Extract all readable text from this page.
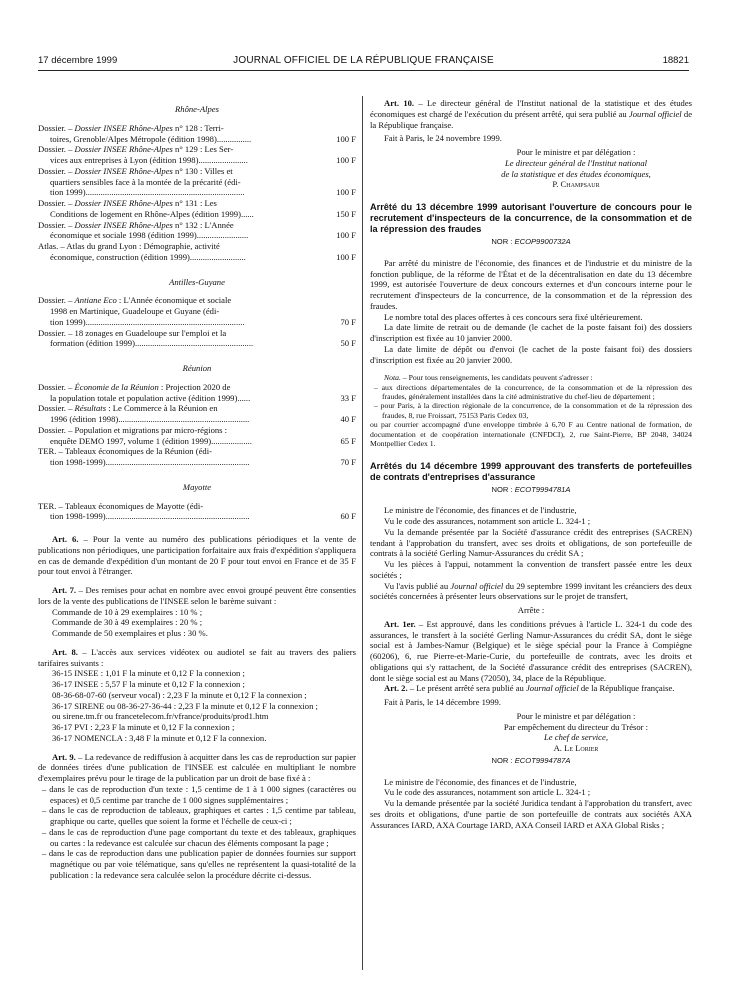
17 décembre 1999	JOURNAL OFFICIEL DE LA RÉPUBLIQUE FRANÇAISE	18821
Rhône-Alpes
Dossier. – Dossier INSEE Rhône-Alpes n° 128 : Terri-
toires, Grenoble/Alpes Métropole (édition 1998)................	100 F
Dossier. – Dossier INSEE Rhône-Alpes n° 129 : Les Ser-
vices aux entreprises à Lyon (édition 1998).......................	100 F
Dossier. – Dossier INSEE Rhône-Alpes n° 130 : Villes et
quartiers sensibles face à la montée de la précarité (édi-
tion 1999)..........................................................................	100 F
Dossier. – Dossier INSEE Rhône-Alpes n° 131 : Les
Conditions de logement en Rhône-Alpes (édition 1999)......	150 F
Dossier. – Dossier INSEE Rhône-Alpes n° 132 : L'Année
économique et sociale 1998 (édition 1999)........................	100 F
Atlas. – Atlas du grand Lyon : Démographie, activité
économique, construction (édition 1999)..........................	100 F
Antilles-Guyane
Dossier. – Antiane Eco : L'Année économique et sociale
1998 en Martinique, Guadeloupe et Guyane (édi-
tion 1999)..........................................................................	70 F
Dossier. – 18 zonages en Guadeloupe sur l'emploi et la
formation (édition 1999).......................................................	50 F
Réunion
Dossier. – Économie de la Réunion : Projection 2020 de
la population totale et population active (édition 1999)......	33 F
Dossier. – Résultats : Le Commerce à la Réunion en
1996 (édition 1998).............................................................	40 F
Dossier. – Population et migrations par micro-régions :
enquête DEMO 1997, volume 1 (édition 1999)...................	65 F
TER. – Tableaux économiques de la Réunion (édi-
tion 1998-1999)...................................................................	70 F
Mayotte
TER. – Tableaux économiques de Mayotte (édi-
tion 1998-1999)...................................................................	60 F

Art. 6. – Pour la vente au numéro des publications périodiques et la vente de publications non périodiques, une participation forfaitaire aux frais d'expédition s'appliquera en cas de demande d'expédition d'un montant de 20 F pour tout envoi en France et de 35 F pour tout envoi à l'étranger.

Art. 7. – Des remises pour achat en nombre avec envoi groupé peuvent être consenties lors de la vente des publications de l'INSEE selon le barème suivant :

Commande de 10 à 29 exemplaires : 10 % ;
Commande de 30 à 49 exemplaires : 20 % ;
Commande de 50 exemplaires et plus : 30 %.

Art. 8. – L'accès aux services vidéotex ou audiotel se fait au travers des paliers tarifaires suivants :

36-15 INSEE : 1,01 F la minute et 0,12 F la connexion ;
36-17 INSEE : 5,57 F la minute et 0,12 F la connexion ;
08-36-68-07-60 (serveur vocal) : 2,23 F la minute et 0,12 F la connexion ;
36-17 SIRENE ou 08-36-27-36-44 : 2,23 F la minute et 0,12 F la connexion ;
ou sirene.tm.fr ou francetelecom.fr/vfrance/produits/prod1.htm
36-17 PVI : 2,23 F la minute et 0,12 F la connexion ;
36-17 NOMENCLA : 3,48 F la minute et 0,12 F la connexion.

Art. 9. – La redevance de rediffusion à acquitter dans les cas de reproduction sur papier de données tirées d'une publication de l'INSEE est calculée en multipliant le nombre d'exemplaires prévu pour le tirage de la publication par un droit de base fixé à :

– dans le cas de reproduction d'un texte : 1,5 centime de 1 à 1 000 signes (caractères ou espaces) et 0,5 centime par tranche de 1 000 signes supplémentaires ;
– dans le cas de reproduction de tableaux, graphiques et cartes : 1,5 centime par tableau, graphique ou carte, quelles que soient la forme et l'échelle de ceux-ci ;
– dans le cas de reproduction d'une page comportant du texte et des tableaux, graphiques ou cartes : la redevance est calculée sur chacun des éléments composant la page ;
– dans le cas de reproduction dans une publication papier de données fournies sur support magnétique ou par voie télématique, sans qu'elles ne représentent la quasi-totalité de la publication : la redevance sera calculée selon la procédure décrite ci-dessus.

Art. 10. – Le directeur général de l'Institut national de la statistique et des études économiques est chargé de l'exécution du présent arrêté, qui sera publié au Journal officiel de la République française.

Fait à Paris, le 24 novembre 1999.

Pour le ministre et par délégation :
Le directeur général de l'Institut national
de la statistique et des études économiques,
P. Champsaur
Arrêté du 13 décembre 1999 autorisant l'ouverture de concours pour le recrutement d'inspecteurs de la concurrence, de la consommation et de la répression des fraudes
NOR : ECOP9900732A

Par arrêté du ministre de l'économie, des finances et de l'industrie et du ministre de la fonction publique, de la réforme de l'État et de la décentralisation en date du 13 décembre 1999, est autorisée l'ouverture de deux concours externes et d'un concours interne pour le recrutement d'inspecteurs de la concurrence, de la consommation et de la répression des fraudes.

Le nombre total des places offertes à ces concours sera fixé ultérieurement.

La date limite de retrait ou de demande (le cachet de la poste faisant foi) des dossiers d'inscription est fixée au 10 janvier 2000.

La date limite de dépôt ou d'envoi (le cachet de la poste faisant foi) des dossiers d'inscription est fixée au 20 janvier 2000.

Nota. – Pour tous renseignements, les candidats peuvent s'adresser :

– aux directions départementales de la concurrence, de la consommation et de la répression des fraudes, généralement installées dans la cité administrative du chef-lieu de département ;
– pour Paris, à la direction régionale de la concurrence, de la consommation et de la répression des fraudes, 8, rue Froissart, 75153 Paris Cedex 03,

ou par courrier accompagné d'une enveloppe timbrée à 6,70 F au Centre national de formation, de documentation et de coopération internationale (CNFDCI), 2, rue Saint-Pierre, BP 2048, 34024 Montpellier Cedex 1.

Arrêtés du 14 décembre 1999 approuvant des transferts de portefeuilles de contrats d'entreprises d'assurance
NOR : ECOT9994781A

Le ministre de l'économie, des finances et de l'industrie,

Vu le code des assurances, notamment son article L. 324-1 ;

Vu la demande présentée par la Société d'assurance crédit des entreprises (SACREN) tendant à l'approbation du transfert, avec ses droits et obligations, de son portefeuille de contrats à la société Gerling Namur-Assurances du crédit SA ;

Vu les pièces à l'appui, notamment la convention de transfert passée entre les deux sociétés ;

Vu l'avis publié au Journal officiel du 29 septembre 1999 invitant les créanciers des deux sociétés concernées à présenter leurs observations sur le projet de transfert,

Arrête :

Art. 1er. – Est approuvé, dans les conditions prévues à l'article L. 324-1 du code des assurances, le transfert à la société Gerling Namur-Assurances du crédit SA, dont le siège social est à Jambes-Namur (Belgique) et le siège spécial pour la France à Compiègne (60206), 6, rue Pierre-et-Marie-Curie, du portefeuille de contrats, avec les droits et obligations qui s'y rattachent, de la Société d'assurance crédit des entreprises (SACREN), dont le siège social est au Mans (72050), 34, place de la République.

Art. 2. – Le présent arrêté sera publié au Journal officiel de la République française.

Fait à Paris, le 14 décembre 1999.

Pour le ministre et par délégation :
Par empêchement du directeur du Trésor :
Le chef de service,
A. Le Lorier
NOR : ECOT9994787A

Le ministre de l'économie, des finances et de l'industrie,

Vu le code des assurances, notamment son article L. 324-1 ;

Vu la demande présentée par la société Juridica tendant à l'approbation du transfert, avec ses droits et obligations, d'une partie de son portefeuille de contrats aux sociétés AXA Assurances IARD, AXA Courtage IARD, AXA Conseil IARD et AXA Global Risks ;
